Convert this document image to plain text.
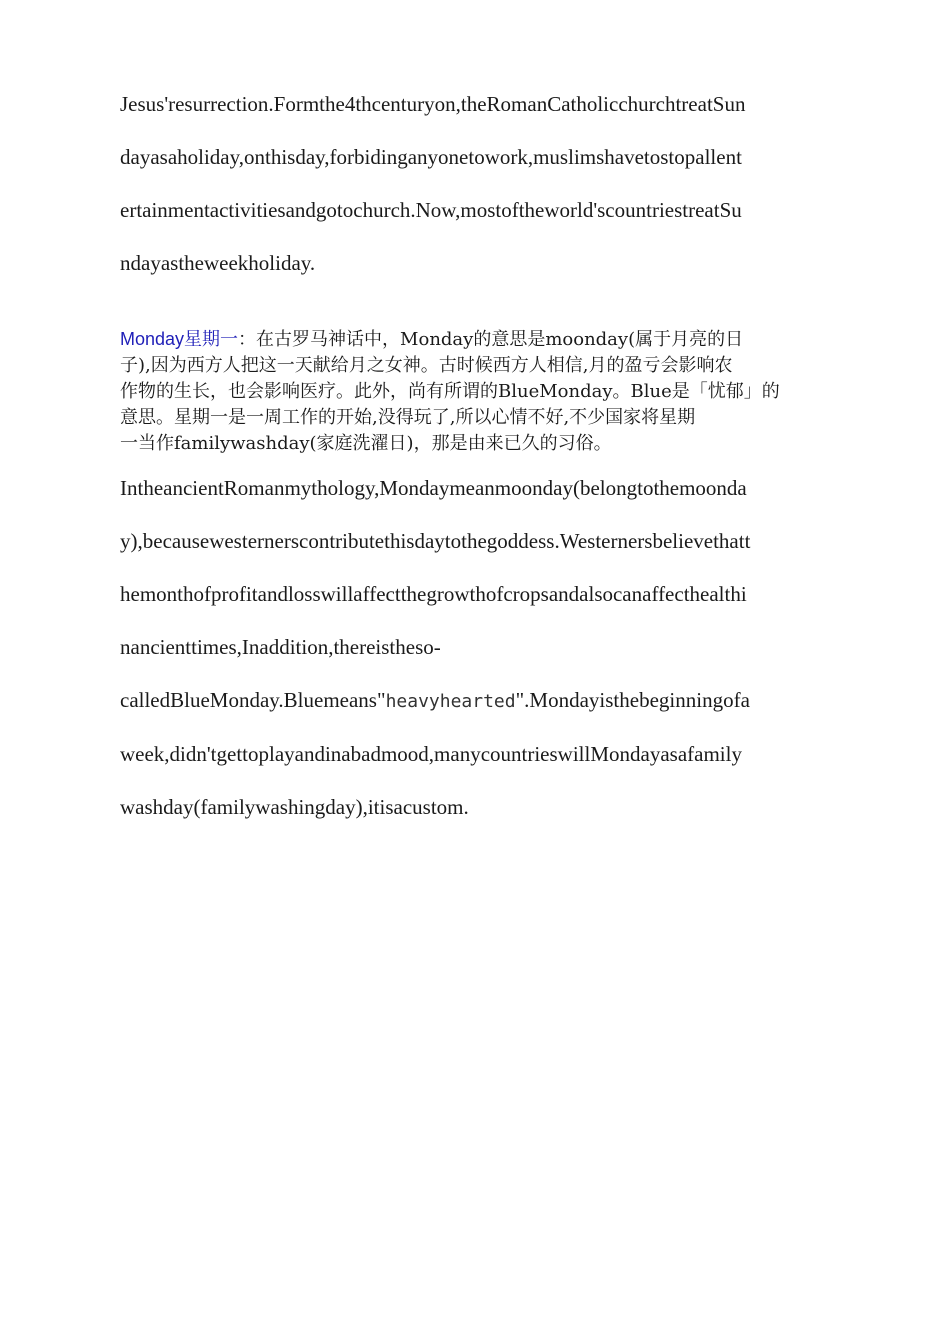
Jesus'resurrection.Formthe4thcenturyon,theRomanCatholicchurchtreatSun
dayasaholiday,onthisday,forbidinganyonetowork,muslimshavetostopallent
ertainmentactivitiesandgotochurch.Now,mostoftheworld'scountriestreatSu
ndayastheweekholiday.
Monday星期一：在古罗马神话中，Monday的意思是moonday(属于月亮的日
子),因为西方人把这一天献给月之女神。古时候西方人相信,月的盈亏会影响农
作物的生长，也会影响医疗。此外，尚有所谓的BlueMonday。Blue是「忧郁」的
意思。星期一是一周工作的开始,没得玩了,所以心情不好,不少国家将星期
一当作familywashday(家庭洗濯日)，那是由来已久的习俗。
IntheancientRomanmythology,Mondaymeanmoonday(belongtothemoonda
y),becausewesternerscontributethisdaytothegoddess.Westernersbelievethatt
hemonthofprofitandlosswillaffectthegrowthofcropsandalsocanaffecthealthi
nancienttimes,Inaddition,thereistheso-
calledBlueMonday.Bluemeans"heavyhearted".Mondayisthebeginningofa
week,didn'tgettoplayandinabadmood,manycountrieswillMondayasafamily
washday(familywashingday),itisacustom.
